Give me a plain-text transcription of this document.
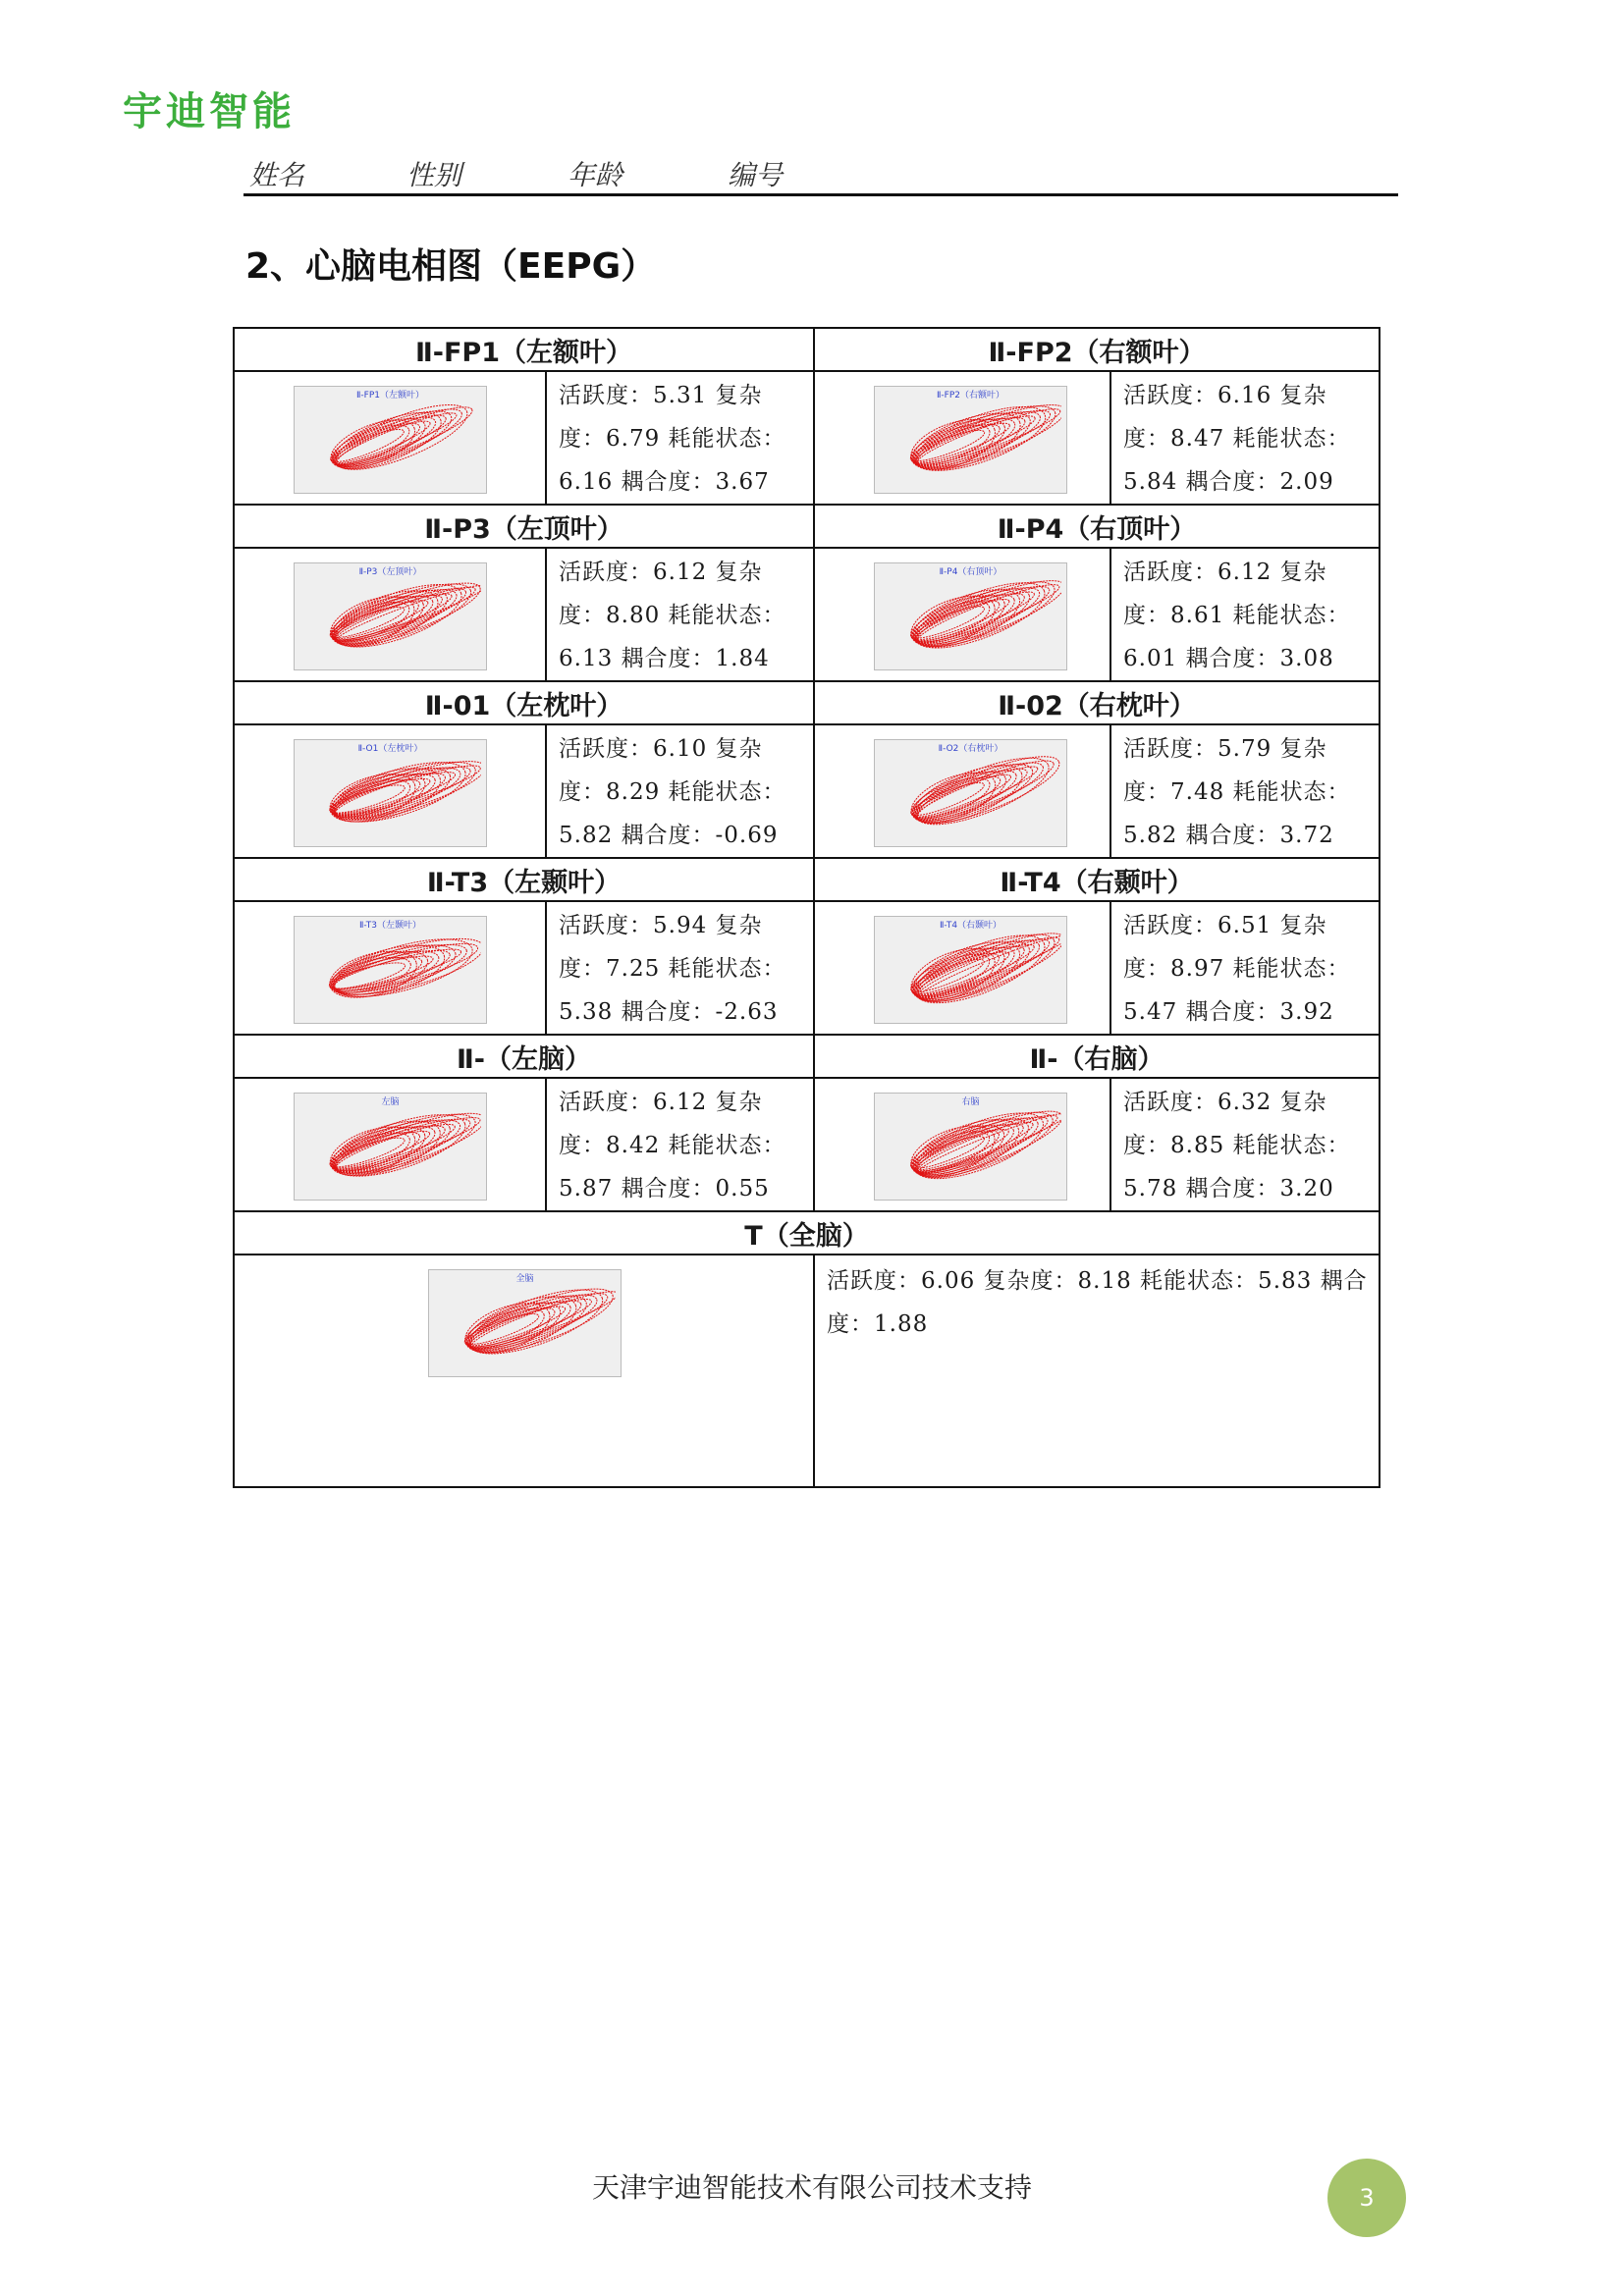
宇迪智能
姓名	性别	年龄	编号
2、心脑电相图（EEPG）
Ⅱ-FP1（左额叶）		Ⅱ-FP2（右额叶）	

Ⅱ-FP1（左额叶）	活跃度：5.31 复杂度：6.79 耗能状态：6.16 耦合度：3.67	Ⅱ-FP2（右额叶）	活跃度：6.16 复杂度：8.47 耗能状态：5.84 耦合度：2.09
Ⅱ-P3（左顶叶）		Ⅱ-P4（右顶叶）	

Ⅱ-P3（左顶叶）	活跃度：6.12 复杂度：8.80 耗能状态：6.13 耦合度：1.84	Ⅱ-P4（右顶叶）	活跃度：6.12 复杂度：8.61 耗能状态：6.01 耦合度：3.08
Ⅱ-01（左枕叶）		Ⅱ-02（右枕叶）	

Ⅱ-O1（左枕叶）	活跃度：6.10 复杂度：8.29 耗能状态：5.82 耦合度：-0.69	Ⅱ-O2（右枕叶）	活跃度：5.79 复杂度：7.48 耗能状态：5.82 耦合度：3.72
Ⅱ-T3（左颞叶）		Ⅱ-T4（右颞叶）	

Ⅱ-T3（左颞叶）	活跃度：5.94 复杂度：7.25 耗能状态：5.38 耦合度：-2.63	Ⅱ-T4（右颞叶）	活跃度：6.51 复杂度：8.97 耗能状态：5.47 耦合度：3.92
Ⅱ-（左脑）		Ⅱ-（右脑）	

左脑	活跃度：6.12 复杂度：8.42 耗能状态：5.87 耦合度：0.55	右脑	活跃度：6.32 复杂度：8.85 耗能状态：5.78 耦合度：3.20
T（全脑）			

全脑		活跃度：6.06 复杂度：8.18 耗能状态：5.83 耦合度：1.88	
天津宇迪智能技术有限公司技术支持	3
